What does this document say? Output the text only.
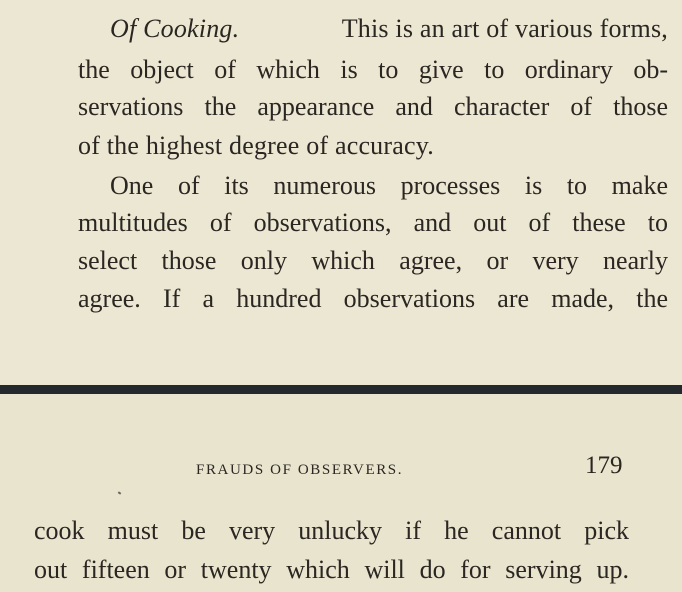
Of Cooking.	This is an art of various forms,
the object of which is to give to ordinary ob-
servations the appearance and character of those
of the highest degree of accuracy.
One of its numerous processes is to make
multitudes of observations, and out of these to
select those only which agree, or very nearly
agree. If a hundred observations are made, the
FRAUDS OF OBSERVERS.	179
cook must be very unlucky if he cannot pick
out fifteen or twenty which will do for serving up.
